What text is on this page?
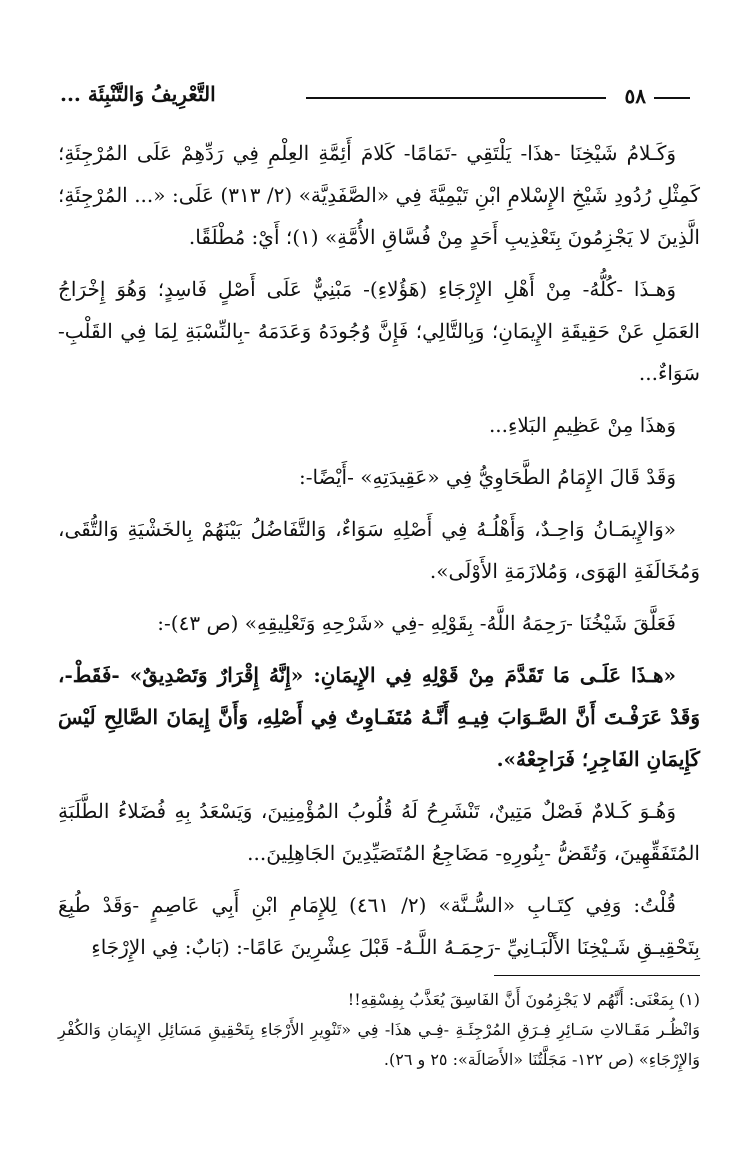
٥٨
التَّعْرِيفُ وَالتَّنْبِئَة ...

وَكَـلامُ شَيْخِنَا -هذَا- يَلْتَقِي -تَمَامًا- كَلامَ أَئِمَّةِ العِلْمِ فِي رَدِّهِمْ عَلَى المُرْجِئَةِ؛ كَمِثْلِ رُدُودِ شَيْخِ الإِسْلامِ ابْنِ تَيْمِيَّةَ فِي «الصَّفَدِيَّة» (٢/ ٣١٣) عَلَى: «... المُرْجِئَةِ؛ الَّذِينَ لا يَجْزِمُونَ بِتَعْذِيبِ أَحَدٍ مِنْ فُسَّاقِ الأُمَّةِ» (١)؛ أَيْ: مُطْلَقًا.

وَهـذَا -كُلُّهُ- مِنْ أَهْلِ الإِرْجَاءِ (هَؤُلاءِ)- مَبْنِيٌّ عَلَى أَصْلٍ فَاسِدٍ؛ وَهُوَ إِخْرَاجُ العَمَلِ عَنْ حَقِيقَةِ الإِيمَانِ؛ وَبِالتَّالِي؛ فَإِنَّ وُجُودَهُ وَعَدَمَهُ -بِالنِّسْبَةِ لِمَا فِي القَلْبِ- سَوَاءٌ...

وَهذَا مِنْ عَظِيمِ البَلاءِ...

وَقَدْ قَالَ الإِمَامُ الطَّحَاوِيُّ فِي «عَقِيدَتِهِ» -أَيْضًا-:

«وَالإِيمَـانُ وَاحِـدٌ، وَأَهْلُـهُ فِي أَصْلِهِ سَوَاءٌ، وَالتَّفَاضُلُ بَيْنَهُمْ بِالخَشْيَةِ وَالتُّقَى، وَمُخَالَفَةِ الهَوَى، وَمُلازَمَةِ الأَوْلَى».

فَعَلَّقَ شَيْخُنَا -رَحِمَهُ اللَّهُ- بِقَوْلِهِ -فِي «شَرْحِهِ وَتَعْلِيقِهِ» (ص ٤٣)-:

«هـذَا عَلَـى مَا تَقَدَّمَ مِنْ قَوْلِهِ فِي الإِيمَانِ: «إِنَّهُ إِقْرَارٌ وَتَصْدِيقٌ» -فَقَطْ-، وَقَدْ عَرَفْـتَ أَنَّ الصَّـوَابَ فِيـهِ أَنَّـهُ مُتَفَـاوِتٌ فِي أَصْلِهِ، وَأَنَّ إِيمَانَ الصَّالِحِ لَيْسَ كَإِيمَانِ الفَاجِرِ؛ فَرَاجِعْهُ».

وَهُـوَ كَـلامٌ فَصْلٌ مَتِينٌ، تَنْشَرِحُ لَهُ قُلُوبُ المُؤْمِنِينَ، وَيَسْعَدُ بِهِ فُضَلاءُ الطَّلَبَةِ المُتَفَقِّهِينَ، وَتُقَضُّ -بِنُورِهِ- مَضَاجِعُ المُتَصَيِّدِينَ الجَاهِلِينَ...

قُلْتُ: وَفِي كِتَـابِ «السُّـنَّة» (٢/ ٤٦١) لِلإِمَامِ ابْنِ أَبِي عَاصِمٍ -وَقَدْ طُبِعَ بِتَحْقِيـقِ شَـيْخِنَا الأَلْبَـانِيِّ -رَحِمَـهُ اللَّـهُ- قَبْلَ عِشْرِينَ عَامًا-: (بَابٌ: فِي الإِرْجَاءِ

(١) بِمَعْنَى: أَنَّهُم لا يَجْزِمُونَ أَنَّ الفَاسِقَ يُعَذَّبُ بِفِسْقِهِ!!

وَانْظُـر مَقَـالاتِ سَـائِرِ فِـرَقِ المُرْجِئَـةِ -فِـي هذَا- فِي «تَنْوِيرِ الأَرْجَاءِ بِتَحْقِيقِ مَسَائِلِ الإِيمَانِ وَالكُفْرِ وَالإِرْجَاءِ» (ص ١٢٢- مَجَلَّتُنَا «الأَصَالَة»: ٢٥ و ٢٦).
